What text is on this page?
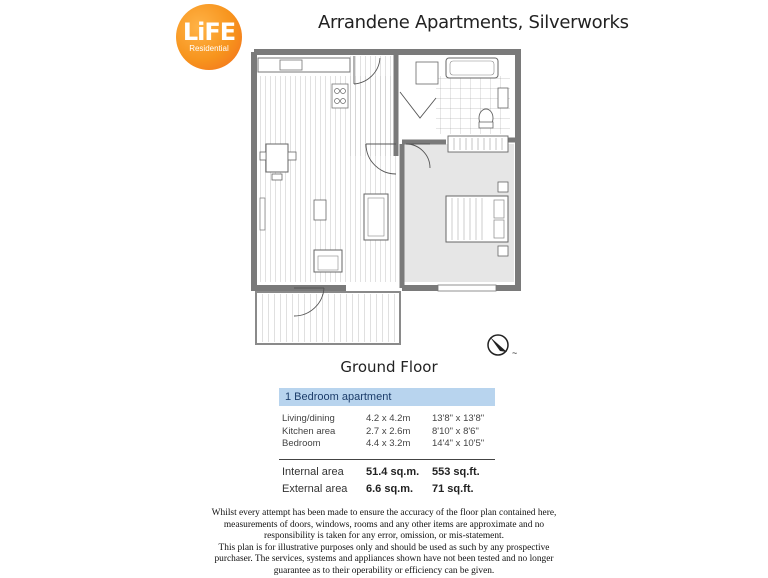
LiFE
Residential
Arrandene Apartments, Silverworks
Ground Floor
~
1 Bedroom apartment
Living/dining	4.2 x 4.2m	13'8" x 13'8"
Kitchen area	2.7 x 2.6m	8'10" x 8'6"
Bedroom	4.4 x 3.2m	14'4" x 10'5"
Internal area	51.4 sq.m.	553 sq.ft.
External area	6.6 sq.m.	71 sq.ft.
Whilst every attempt has been made to ensure the accuracy of the floor plan contained here,
measurements of doors, windows, rooms and any other items are approximate and no
responsibility is taken for any error, omission, or mis-statement.
This plan is for illustrative purposes only and should be used as such by any prospective
purchaser. The services, systems and appliances shown have not been tested and no longer
guarantee as to their operability or efficiency can be given.
